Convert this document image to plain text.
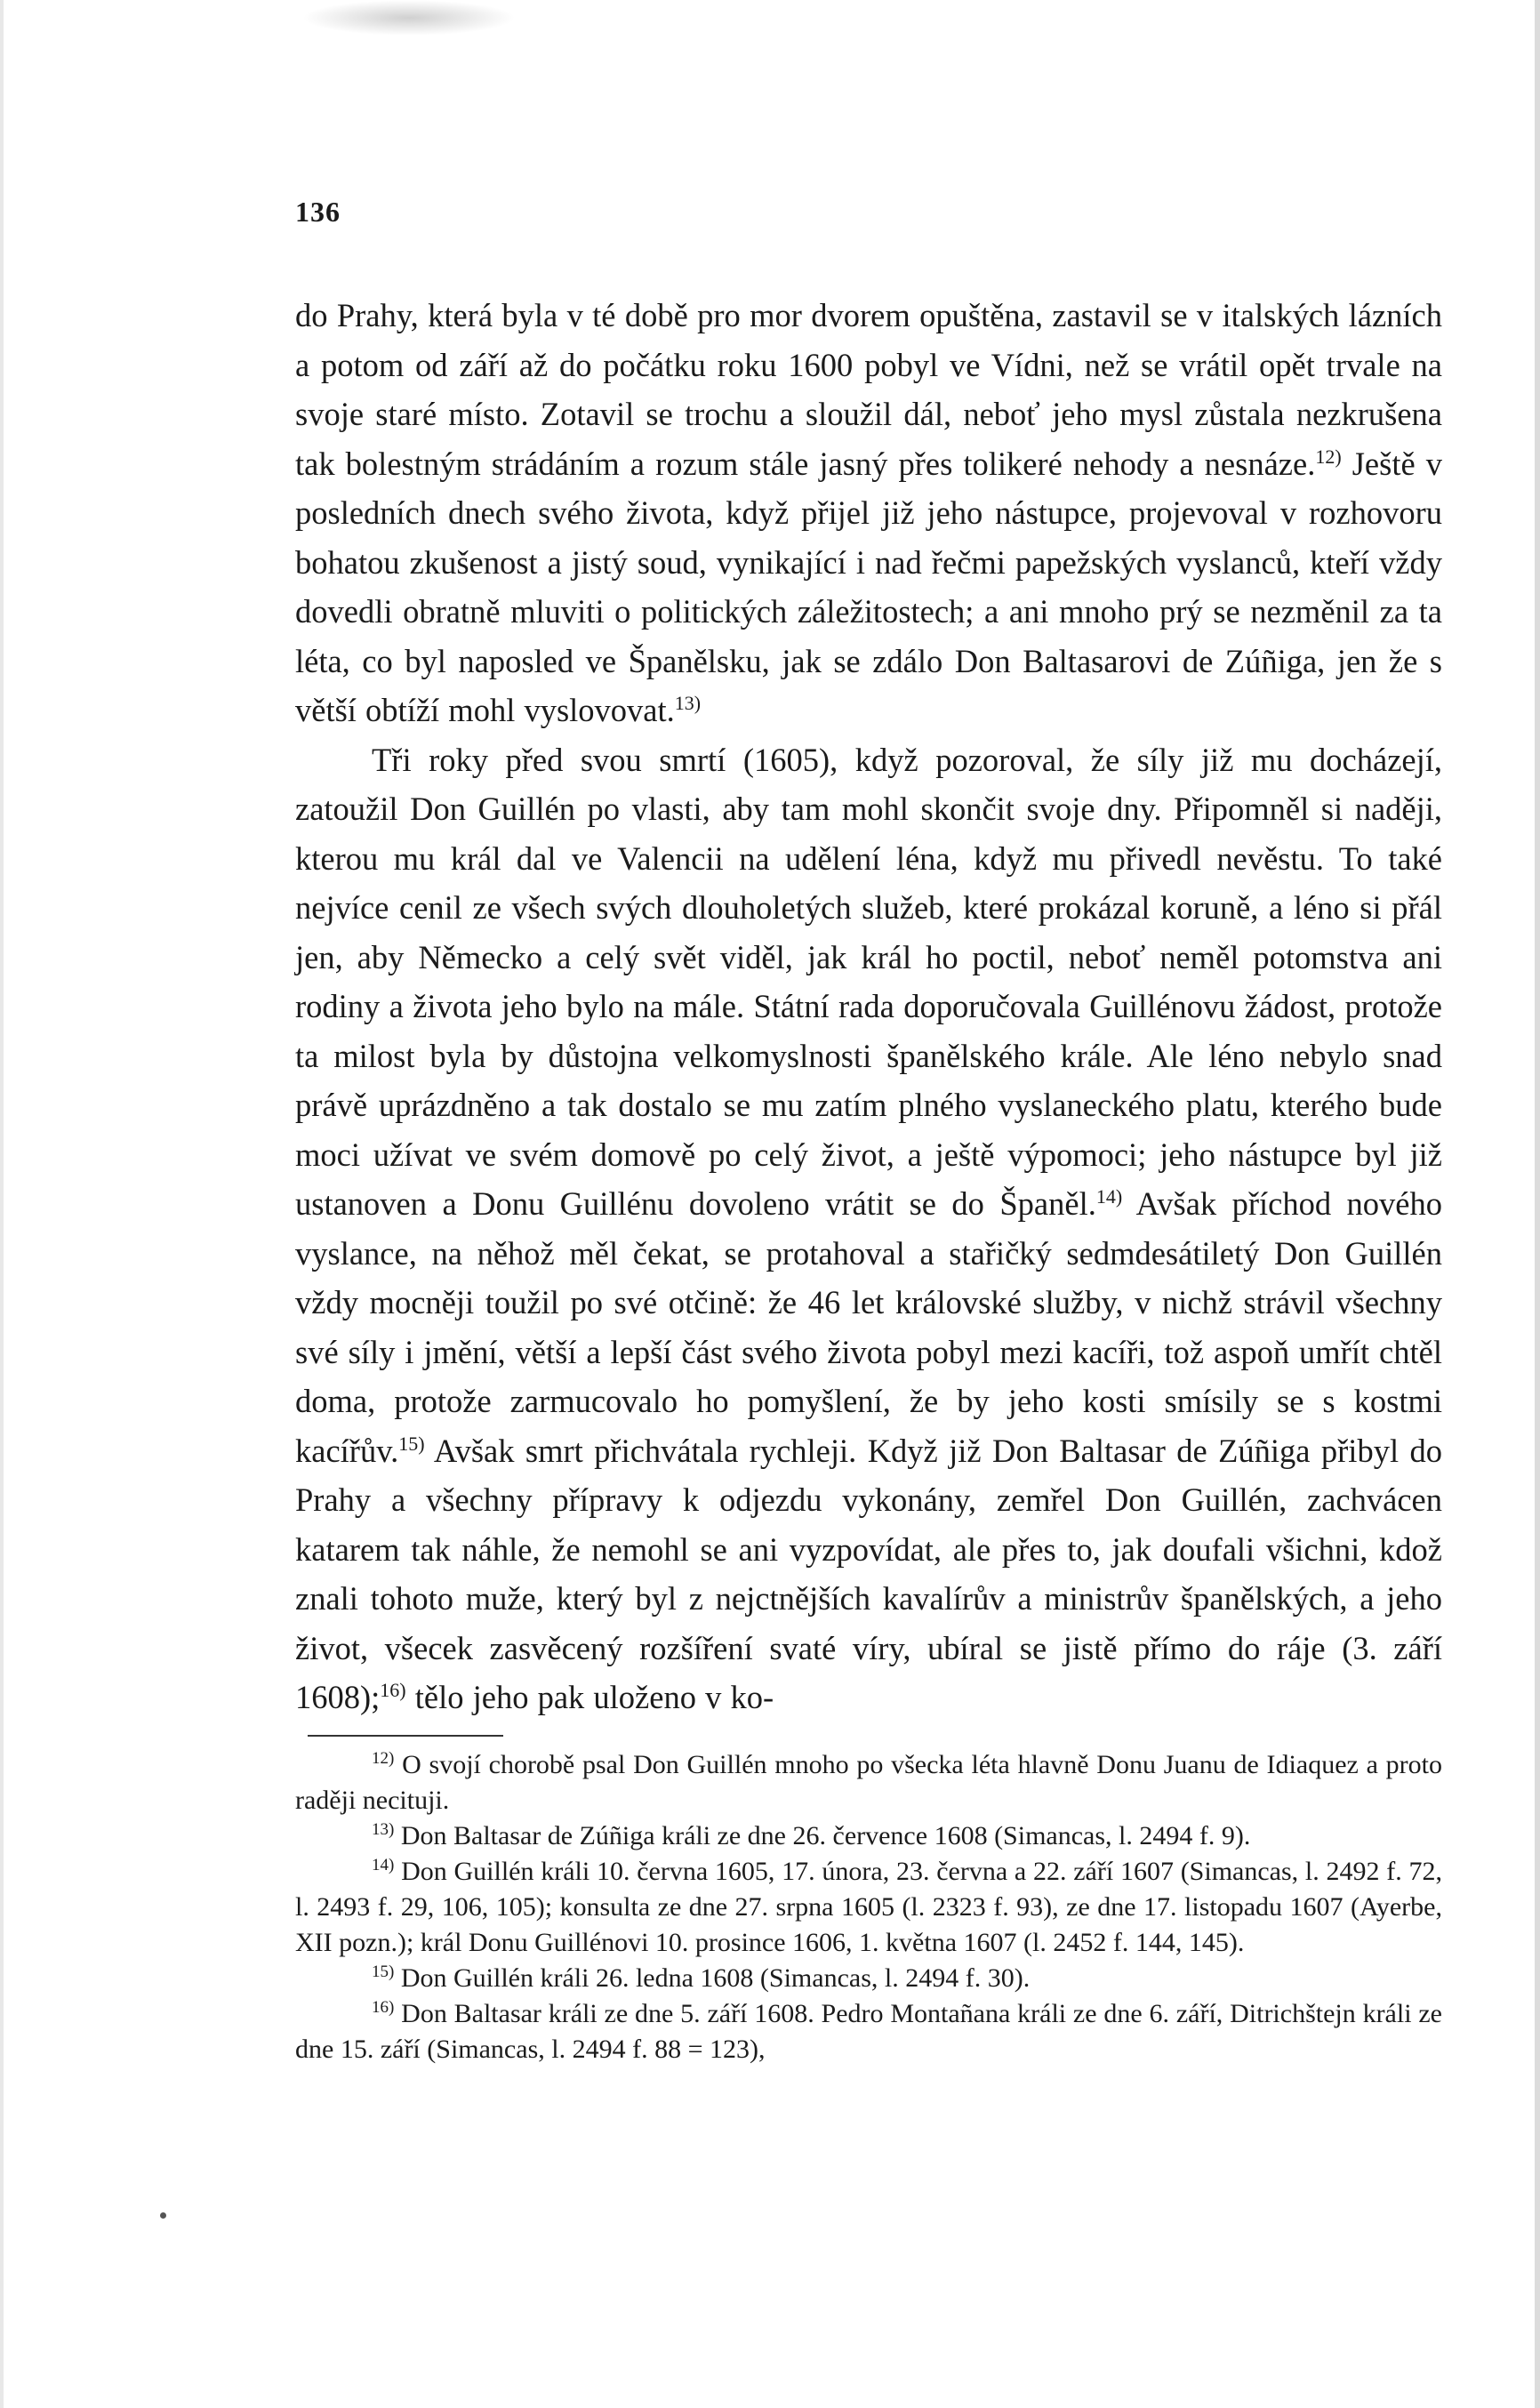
136

do Prahy, která byla v té době pro mor dvorem opuštěna, zastavil se v italských lázních a potom od září až do počátku roku 1600 pobyl ve Vídni, než se vrátil opět trvale na svoje staré místo. Zotavil se trochu a sloužil dál, neboť jeho mysl zůstala nezkrušena tak bolestným strádáním a rozum stále jasný přes tolikeré nehody a nesnáze.$^{12)}$ Ještě v posledních dnech svého života, když přijel již jeho nástupce, projevoval v rozhovoru bohatou zkušenost a jistý soud, vynikající i nad řečmi papežských vyslanců, kteří vždy dovedli obratně mluviti o politických záležitostech; a ani mnoho prý se nezměnil za ta léta, co byl naposled ve Španělsku, jak se zdálo Don Baltasarovi de Zúñiga, jen že s větší obtíží mohl vyslovovat.$^{13)}$

Tři roky před svou smrtí (1605), když pozoroval, že síly již mu docházejí, zatoužil Don Guillén po vlasti, aby tam mohl skončit svoje dny. Připomněl si naději, kterou mu král dal ve Valencii na udělení léna, když mu přivedl nevěstu. To také nejvíce cenil ze všech svých dlouholetých služeb, které prokázal koruně, a léno si přál jen, aby Německo a celý svět viděl, jak král ho poctil, neboť neměl potomstva ani rodiny a života jeho bylo na mále. Státní rada doporučovala Guillénovu žádost, protože ta milost byla by důstojna velkomyslnosti španělského krále. Ale léno nebylo snad právě uprázdněno a tak dostalo se mu zatím plného vyslaneckého platu, kterého bude moci užívat ve svém domově po celý život, a ještě výpomoci; jeho nástupce byl již ustanoven a Donu Guillénu dovoleno vrátit se do Španěl.$^{14)}$ Avšak příchod nového vyslance, na něhož měl čekat, se protahoval a stařičký sedmdesátiletý Don Guillén vždy mocněji toužil po své otčině: že 46 let královské služby, v nichž strávil všechny své síly i jmění, větší a lepší část svého života pobyl mezi kacíři, tož aspoň umřít chtěl doma, protože zarmucovalo ho pomyšlení, že by jeho kosti smísily se s kostmi kacířův.$^{15)}$ Avšak smrt přichvátala rychleji. Když již Don Baltasar de Zúñiga přibyl do Prahy a všechny přípravy k odjezdu vykonány, zemřel Don Guillén, zachvácen katarem tak náhle, že nemohl se ani vyzpovídat, ale přes to, jak doufali všichni, kdož znali tohoto muže, který byl z nejctnějších kavalírův a ministrův španělských, a jeho život, všecek zasvěcený rozšíření svaté víry, ubíral se jistě přímo do ráje (3. září 1608);$^{16)}$ tělo jeho pak uloženo v ko-

$^{12)}$ O svojí chorobě psal Don Guillén mnoho po všecka léta hlavně Donu Juanu de Idiaquez a proto raději necituji.

$^{13)}$ Don Baltasar de Zúñiga králi ze dne 26. července 1608 (Simancas, l. 2494 f. 9).

$^{14)}$ Don Guillén králi 10. června 1605, 17. února, 23. června a 22. září 1607 (Simancas, l. 2492 f. 72, l. 2493 f. 29, 106, 105); konsulta ze dne 27. srpna 1605 (l. 2323 f. 93), ze dne 17. listopadu 1607 (Ayerbe, XII pozn.); král Donu Guillénovi 10. prosince 1606, 1. května 1607 (l. 2452 f. 144, 145).

$^{15)}$ Don Guillén králi 26. ledna 1608 (Simancas, l. 2494 f. 30).

$^{16)}$ Don Baltasar králi ze dne 5. září 1608. Pedro Montañana králi ze dne 6. září, Ditrichštejn králi ze dne 15. září (Simancas, l. 2494 f. 88 = 123),
